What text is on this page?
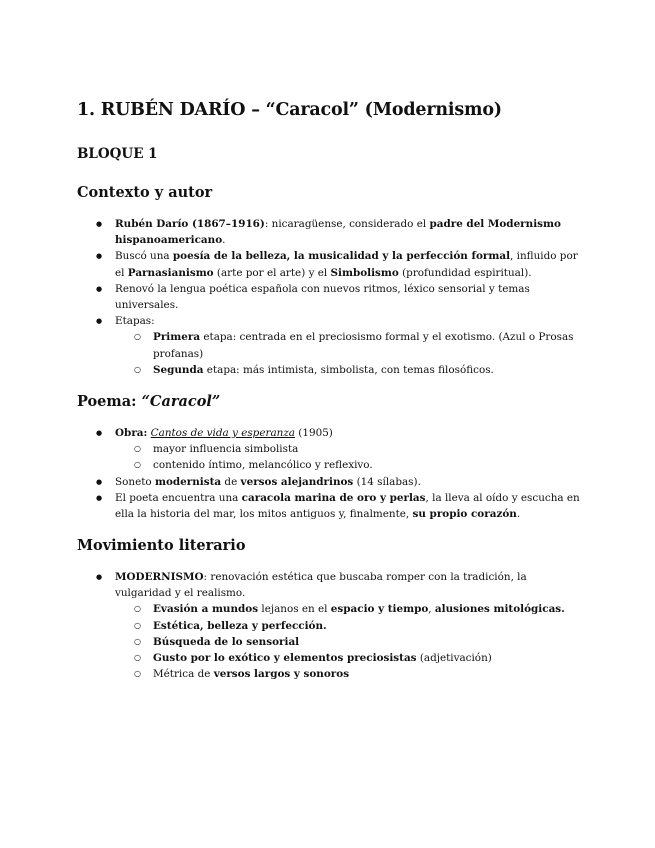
1. RUBÉN DARÍO – “Caracol” (Modernismo)
BLOQUE 1
Contexto y autor
● Rubén Darío (1867–1916): nicaragüense, considerado el padre del Modernismo hispanoamericano.
● Buscó una poesía de la belleza, la musicalidad y la perfección formal, influido por el Parnasianismo (arte por el arte) y el Simbolismo (profundidad espiritual).
● Renovó la lengua poética española con nuevos ritmos, léxico sensorial y temas universales.
● Etapas:
○ Primera etapa: centrada en el preciosismo formal y el exotismo. (Azul o Prosas profanas)
○ Segunda etapa: más intimista, simbolista, con temas filosóficos.
Poema: “Caracol”
● Obra: Cantos de vida y esperanza (1905)
○ mayor influencia simbolista
○ contenido íntimo, melancólico y reflexivo.
● Soneto modernista de versos alejandrinos (14 sílabas).
● El poeta encuentra una caracola marina de oro y perlas, la lleva al oído y escucha en ella la historia del mar, los mitos antiguos y, finalmente, su propio corazón.
Movimiento literario
● MODERNISMO: renovación estética que buscaba romper con la tradición, la vulgaridad y el realismo.
○ Evasión a mundos lejanos en el espacio y tiempo, alusiones mitológicas.
○ Estética, belleza y perfección.
○ Búsqueda de lo sensorial
○ Gusto por lo exótico y elementos preciosistas (adjetivación)
○ Métrica de versos largos y sonoros
